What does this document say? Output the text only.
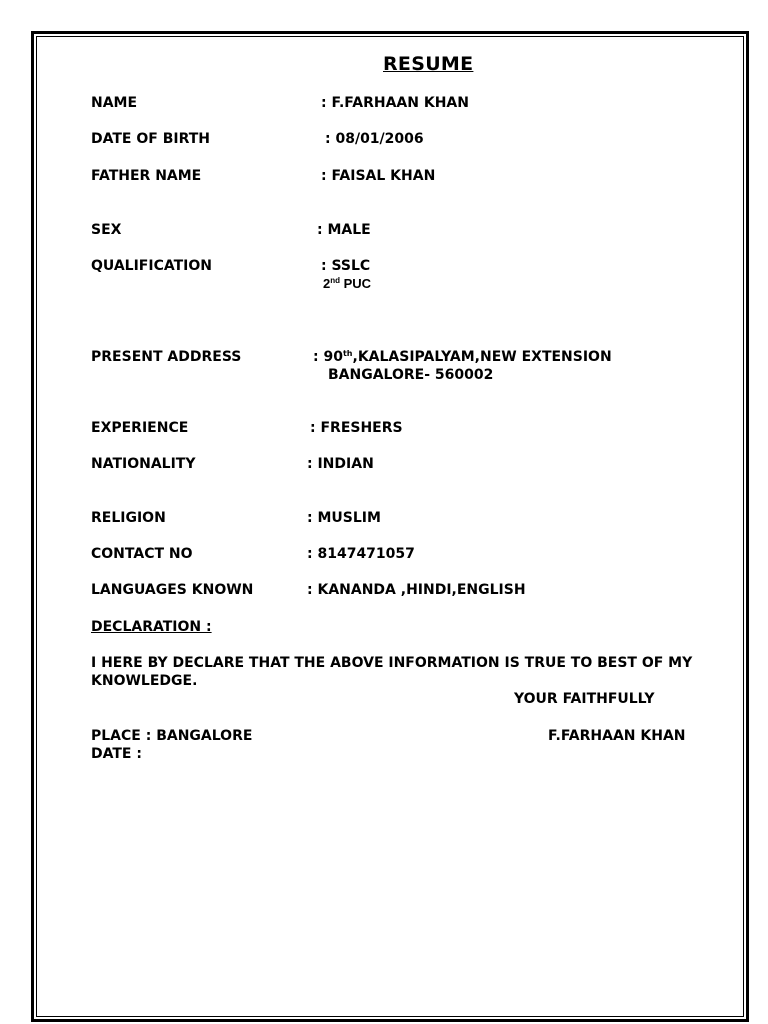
RESUME
NAME	: F.FARHAAN KHAN
DATE OF BIRTH	: 08/01/2006
FATHER NAME	: FAISAL KHAN
SEX	: MALE
QUALIFICATION	: SSLC
2nd PUC
PRESENT ADDRESS	: 90th,KALASIPALYAM,NEW EXTENSION
BANGALORE- 560002
EXPERIENCE	: FRESHERS
NATIONALITY	: INDIAN
RELIGION	: MUSLIM
CONTACT NO	: 8147471057
LANGUAGES KNOWN	: KANANDA ,HINDI,ENGLISH
DECLARATION :
I HERE BY DECLARE THAT THE ABOVE INFORMATION IS TRUE TO BEST OF MY
KNOWLEDGE.
YOUR FAITHFULLY
PLACE : BANGALORE
DATE :
F.FARHAAN KHAN
